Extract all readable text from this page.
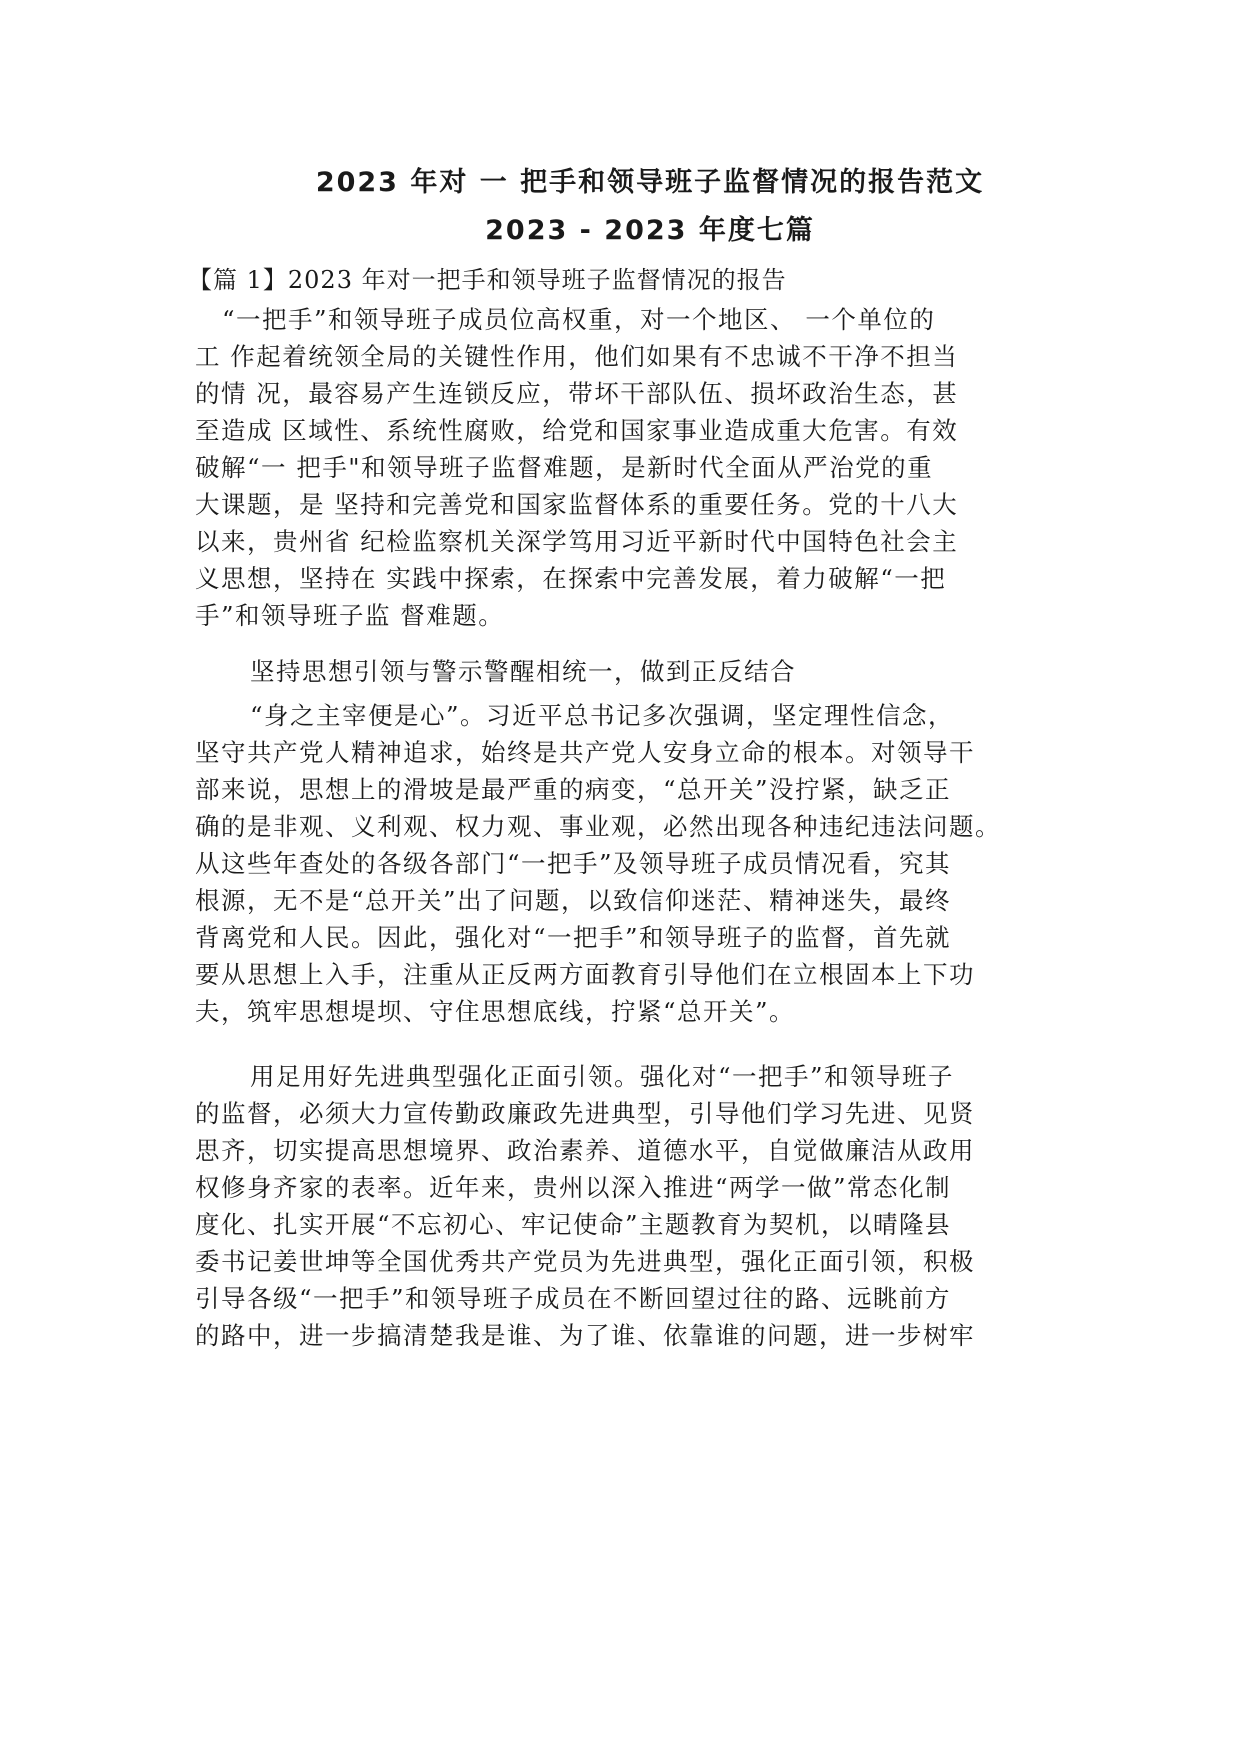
2023 年对 一 把手和领导班子监督情况的报告范文
2023 - 2023 年度七篇
【篇 1】2023 年对一把手和领导班子监督情况的报告
“一把手”和领导班子成员位高权重，对一个地区、 一个单位的
工 作起着统领全局的关键性作用，他们如果有不忠诚不干净不担当
的情 况，最容易产生连锁反应，带坏干部队伍、损坏政治生态，甚
至造成 区域性、系统性腐败，给党和国家事业造成重大危害。有效
破解“一 把手"和领导班子监督难题，是新时代全面从严治党的重
大课题，是 坚持和完善党和国家监督体系的重要任务。党的十八大
以来，贵州省 纪检监察机关深学笃用习近平新时代中国特色社会主
义思想，坚持在 实践中探索，在探索中完善发展，着力破解“一把
手”和领导班子监 督难题。
坚持思想引领与警示警醒相统一，做到正反结合
“身之主宰便是心”。习近平总书记多次强调，坚定理性信念，
坚守共产党人精神追求，始终是共产党人安身立命的根本。对领导干
部来说，思想上的滑坡是最严重的病变，“总开关”没拧紧，缺乏正
确的是非观、义利观、权力观、事业观，必然出现各种违纪违法问题。
从这些年查处的各级各部门“一把手”及领导班子成员情况看，究其
根源，无不是“总开关”出了问题，以致信仰迷茫、精神迷失，最终
背离党和人民。因此，强化对“一把手”和领导班子的监督，首先就
要从思想上入手，注重从正反两方面教育引导他们在立根固本上下功
夫，筑牢思想堤坝、守住思想底线，拧紧“总开关”。
用足用好先进典型强化正面引领。强化对“一把手”和领导班子
的监督，必须大力宣传勤政廉政先进典型，引导他们学习先进、见贤
思齐，切实提高思想境界、政治素养、道德水平，自觉做廉洁从政用
权修身齐家的表率。近年来，贵州以深入推进“两学一做”常态化制
度化、扎实开展“不忘初心、牢记使命”主题教育为契机，以晴隆县
委书记姜世坤等全国优秀共产党员为先进典型，强化正面引领，积极
引导各级“一把手”和领导班子成员在不断回望过往的路、远眺前方
的路中，进一步搞清楚我是谁、为了谁、依靠谁的问题，进一步树牢
